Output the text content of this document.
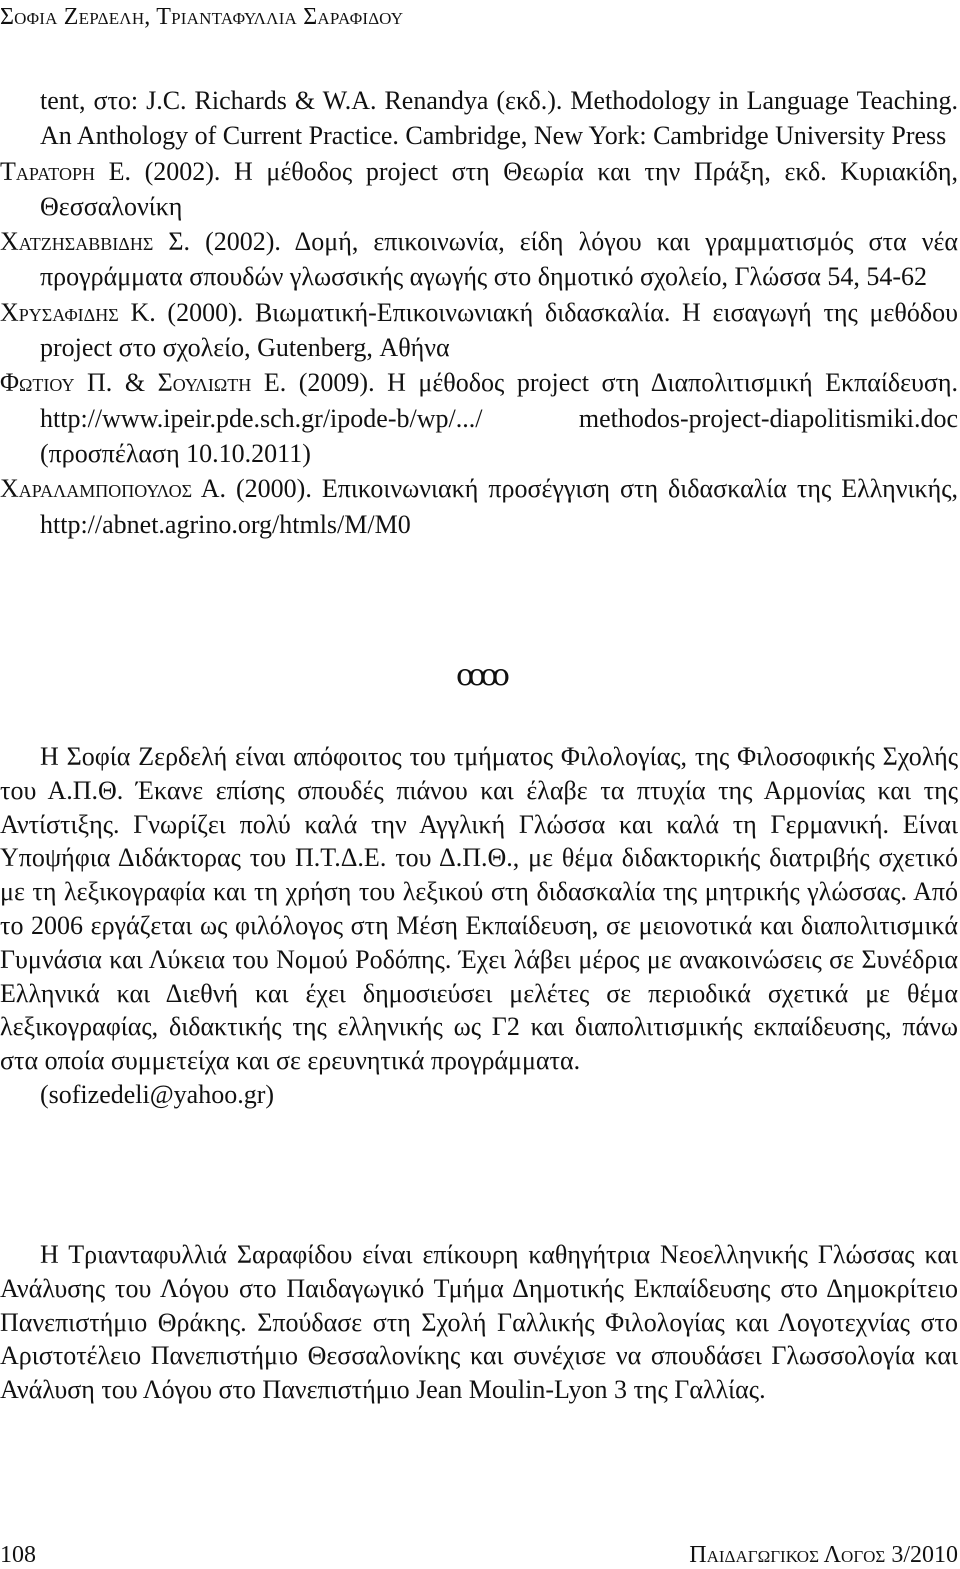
Σοφια Ζερδελη, Τριανταφυλλια Σαραφιδου

tent, στο: J.C. Richards & W.A. Renandya (εκδ.). Methodology in Language Teaching. An Anthology of Current Practice. Cambridge, New York: Cambridge University Press

Ταρατορη Ε. (2002). Η μέθοδος project στη Θεωρία και την Πράξη, εκδ. Κυριακίδη, Θεσσαλονίκη

Χατζησαββιδης Σ. (2002). Δομή, επικοινωνία, είδη λόγου και γραμματισμός στα νέα προγράμματα σπουδών γλωσσικής αγωγής στο δημοτικό σχολείο, Γλώσσα 54, 54-62

Χρυσαφιδης Κ. (2000). Βιωματική-Επικοινωνιακή διδασκαλία. Η εισαγωγή της μεθόδου project στο σχολείο, Gutenberg, Αθήνα

Φωτιου Π. & Σουλιωτη Ε. (2009). Η μέθοδος project στη Διαπολιτισμική Εκπαίδευση. http://www.ipeir.pde.sch.gr/ipode-b/wp/.../ methodos-project-diapolitismiki.doc (προσπέλαση 10.10.2011)

Χαραλαμποπουλος Α. (2000). Επικοινωνιακή προσέγγιση στη διδασκαλία της Ελληνικής, http://abnet.agrino.org/htmls/M/M0

ꝏꝏ

Η Σοφία Ζερδελή είναι απόφοιτος του τμήματος Φιλολογίας, της Φιλοσοφικής Σχολής του Α.Π.Θ. Έκανε επίσης σπουδές πιάνου και έλαβε τα πτυχία της Αρμονίας και της Αντίστιξης. Γνωρίζει πολύ καλά την Αγγλική Γλώσσα και καλά τη Γερμανική. Είναι Υποψήφια Διδάκτορας του Π.Τ.Δ.Ε. του Δ.Π.Θ., με θέμα διδακτορικής διατριβής σχετικό με τη λεξικογραφία και τη χρήση του λεξικού στη διδασκαλία της μητρικής γλώσσας. Από το 2006 εργάζεται ως φιλόλογος στη Μέση Εκπαίδευση, σε μειονοτικά και διαπολιτισμικά Γυμνάσια και Λύκεια του Νομού Ροδόπης. Έχει λάβει μέρος με ανακοινώσεις σε Συνέδρια Ελληνικά και Διεθνή και έχει δημοσιεύσει μελέτες σε περιοδικά σχετικά με θέμα λεξικογραφίας, διδακτικής της ελληνικής ως Γ2 και διαπολιτισμικής εκπαίδευσης, πάνω στα οποία συμμετείχα και σε ερευνητικά προγράμματα.

(sofizedeli@yahoo.gr)

Η Τριανταφυλλιά Σαραφίδου είναι επίκουρη καθηγήτρια Νεοελληνικής Γλώσσας και Ανάλυσης του Λόγου στο Παιδαγωγικό Τμήμα Δημοτικής Εκπαίδευσης στο Δημοκρίτειο Πανεπιστήμιο Θράκης. Σπούδασε στη Σχολή Γαλλικής Φιλολογίας και Λογοτεχνίας στο Αριστοτέλειο Πανεπιστήμιο Θεσσαλονίκης και συνέχισε να σπουδάσει Γλωσσολογία και Ανάλυση του Λόγου στο Πανεπιστήμιο Jean Moulin-Lyon 3 της Γαλλίας.

108	Παιδαγωγικος Λογος 3/2010
